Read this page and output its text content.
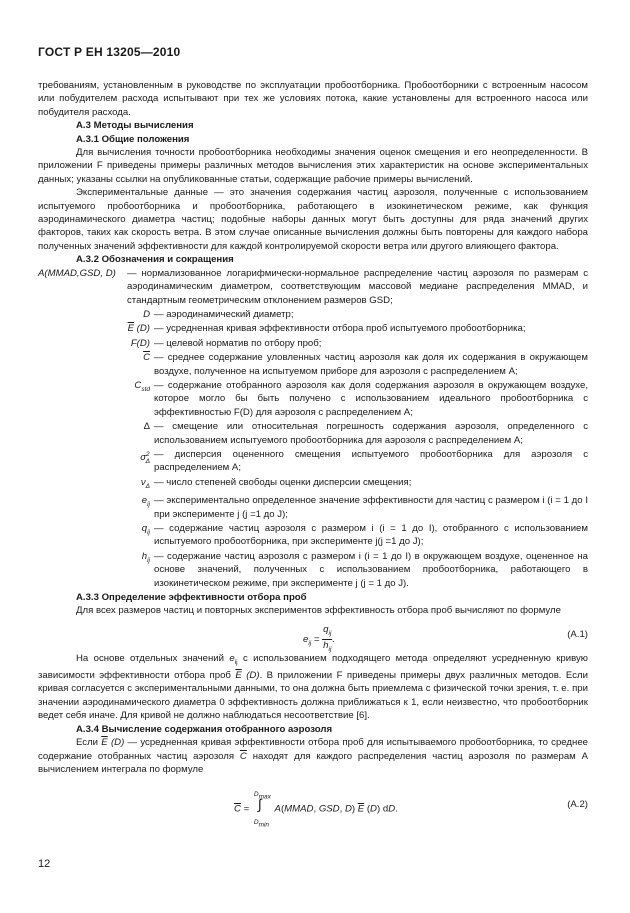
ГОСТ Р ЕН 13205—2010

требованиям, установленным в руководстве по эксплуатации пробоотборника. Пробоотборники с встроенным насосом или побудителем расхода испытывают при тех же условиях потока, какие установлены для встроенного насоса или побудителя расхода.

А.3 Методы вычисления

А.3.1 Общие положения

Для вычисления точности пробоотборника необходимы значения оценок смещения и его неопределенности. В приложении F приведены примеры различных методов вычисления этих характеристик на основе экспериментальных данных; указаны ссылки на опубликованные статьи, содержащие рабочие примеры вычислений.

Экспериментальные данные — это значения содержания частиц аэрозоля, полученные с использованием испытуемого пробоотборника и пробоотборника, работающего в изокинетическом режиме, как функция аэродинамического диаметра частиц; подобные наборы данных могут быть доступны для ряда значений других факторов, таких как скорость ветра. В этом случае описанные вычисления должны быть повторены для каждого набора полученных значений эффективности для каждой контролируемой скорости ветра или другого влияющего фактора.

А.3.2 Обозначения и сокращения

A(MMAD,GSD, D)	— нормализованное логарифмически-нормальное распределение частиц аэрозоля по размерам с аэродинамическим диаметром, соответствующим массовой медиане распределения MMAD, и стандартным геометрическим отклонением размеров GSD;
D — аэродинамический диаметр;
$\overline{E}$ (D) — усредненная кривая эффективности отбора проб испытуемого пробоотборника;
F(D) — целевой норматив по отбору проб;
$\overline{C}$ — среднее содержание уловленных частиц аэрозоля как доля их содержания в окружающем воздухе, полученное на испытуемом приборе для аэрозоля с распределением A;
$C_{std}$ — содержание отобранного аэрозоля как доля содержания аэрозоля в окружающем воздухе, которое могло бы быть получено с использованием идеального пробоотборника с эффективностью F(D) для аэрозоля с распределением A;
Δ — смещение или относительная погрешность содержания аэрозоля, определенного с использованием испытуемого пробоотборника для аэрозоля с распределением A;
$\sigma^2_\Delta$
— дисперсия оцененного смещения испытуемого пробоотборника для аэрозоля с распределением A;
$\nu_\Delta$ — число степеней свободы оценки дисперсии смещения;
$e_{ij}$ — экспериментально определенное значение эффективности для частиц с размером i (i = 1 до I при эксперименте j (j =1 до J);
$q_{ij}$ — содержание частиц аэрозоля с размером i (i = 1 до I), отобранного с использованием испытуемого пробоотборника, при эксперименте j(j =1 до J);
$h_{ij}$ — содержание частиц аэрозоля с размером i (i = 1 до I) в окружающем воздухе, оцененное на основе значений, полученных с использованием пробоотборника, работающего в изокинетическом режиме, при эксперименте j (j = 1 до J).

А.3.3 Определение эффективности отбора проб

Для всех размеров частиц и повторных экспериментов эффективность отбора проб вычисляют по формуле

$e_{ij} = \frac{q_{ij}}{h_{ij}}$ .	(А.1)

На основе отдельных значений $e_{ij}$ с использованием подходящего метода определяют усредненную кривую зависимости эффективности отбора проб $\overline{E}$ (D). В приложении F приведены примеры двух различных методов. Если кривая согласуется с экспериментальными данными, то она должна быть приемлема с физической точки зрения, т. е. при значении аэродинамического диаметра 0 эффективность должна приближаться к 1, если неизвестно, что пробоотборник ведет себя иначе. Для кривой не должно наблюдаться несоответствие [6].

А.3.4 Вычисление содержания отобранного аэрозоля

Если $\overline{E}$ (D) — усредненная кривая эффективности отбора проб для испытываемого пробоотборника, то среднее содержание отобранных частиц аэрозоля $\overline{C}$ находят для каждого распределения частиц аэрозоля по размерам A вычислением интеграла по формуле

$\overline{C}$ =
$D_{max}$
∫
$D_{min}$
A(MMAD, GSD, D) $\overline{E}$ (D) dD.	(А.2)
12
